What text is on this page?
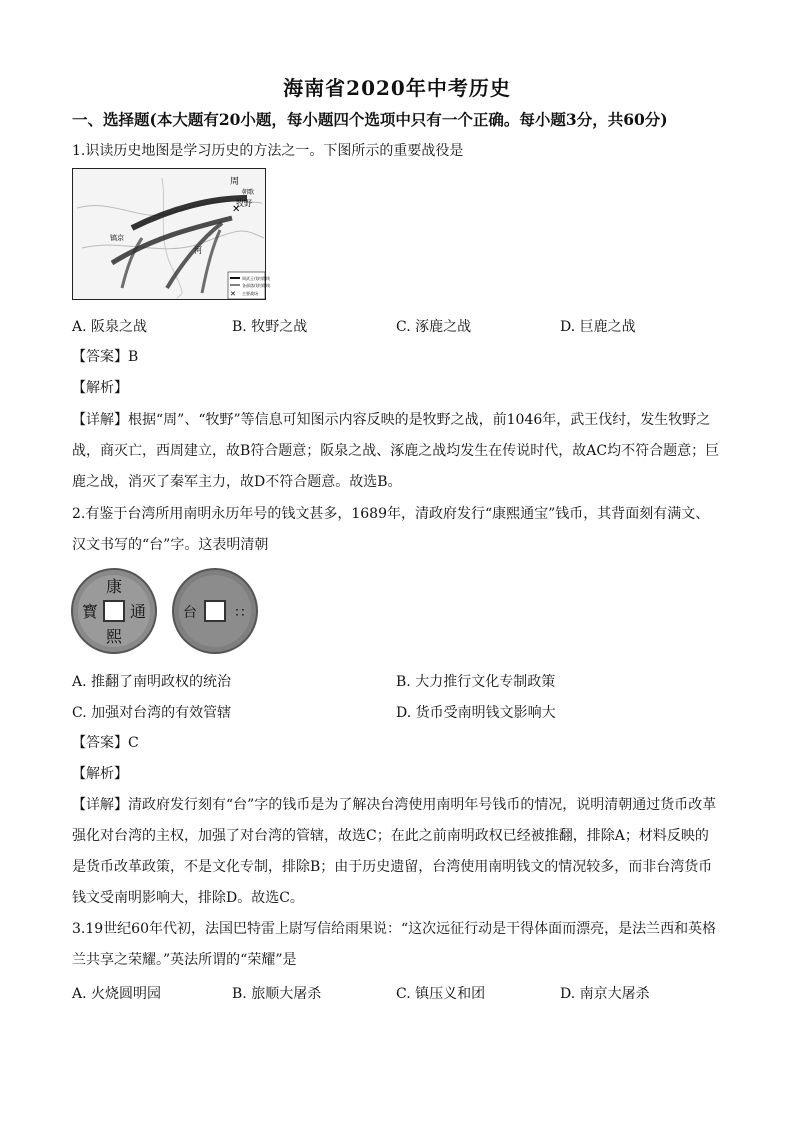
海南省2020年中考历史
一、选择题(本大题有20小题，每小题四个选项中只有一个正确。每小题3分，共60分)
1.识读历史地图是学习历史的方法之一。下图所示的重要战役是
周
牧野
朝歌
镐京
河
✕
周武王伐纣路线
各部落伐纣路线
主要战场
✕
A. 阪泉之战	B. 牧野之战	C. 涿鹿之战	D. 巨鹿之战
【答案】B
【解析】
【详解】根据“周”、“牧野”等信息可知图示内容反映的是牧野之战，前1046年，武王伐纣，发生牧野之战，商灭亡，西周建立，故B符合题意；阪泉之战、涿鹿之战均发生在传说时代，故AC均不符合题意；巨鹿之战，消灭了秦军主力，故D不符合题意。故选B。
2.有鉴于台湾所用南明永历年号的钱文甚多，1689年，清政府发行“康熙通宝”钱币，其背面刻有满文、
汉文书写的“台”字。这表明清朝
康
熙
通
寳	∷
台
A. 推翻了南明政权的统治	B. 大力推行文化专制政策
C. 加强对台湾的有效管辖	D. 货币受南明钱文影响大
【答案】C
【解析】
【详解】清政府发行刻有“台”字的钱币是为了解决台湾使用南明年号钱币的情况，说明清朝通过货币改革强化对台湾的主权，加强了对台湾的管辖，故选C；在此之前南明政权已经被推翻，排除A；材料反映的是货币改革政策，不是文化专制，排除B；由于历史遗留，台湾使用南明钱文的情况较多，而非台湾货币钱文受南明影响大，排除D。故选C。
3.19世纪60年代初，法国巴特雷上尉写信给雨果说：“这次远征行动是干得体面而漂亮，是法兰西和英格
兰共享之荣耀。”英法所谓的“荣耀”是
A. 火烧圆明园	B. 旅顺大屠杀	C. 镇压义和团	D. 南京大屠杀
